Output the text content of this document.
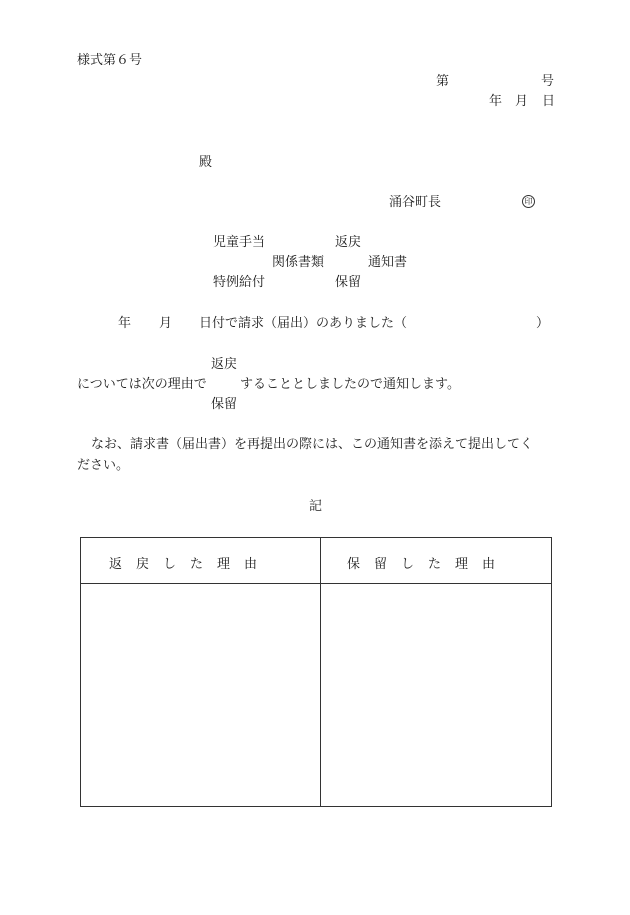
様式第６号
第	号
年 月 日
殿
涌谷町長	印
児童手当	返戻
関係書類	通知書
特例給付	保留
年 月 日付で請求（届出）のありました（	）
返戻
については次の理由で	することとしましたので通知します。
保留
なお、請求書（届出書）を再提出の際には、この通知書を添えて提出してく
ださい。
記
返戻した理由	保留した理由
